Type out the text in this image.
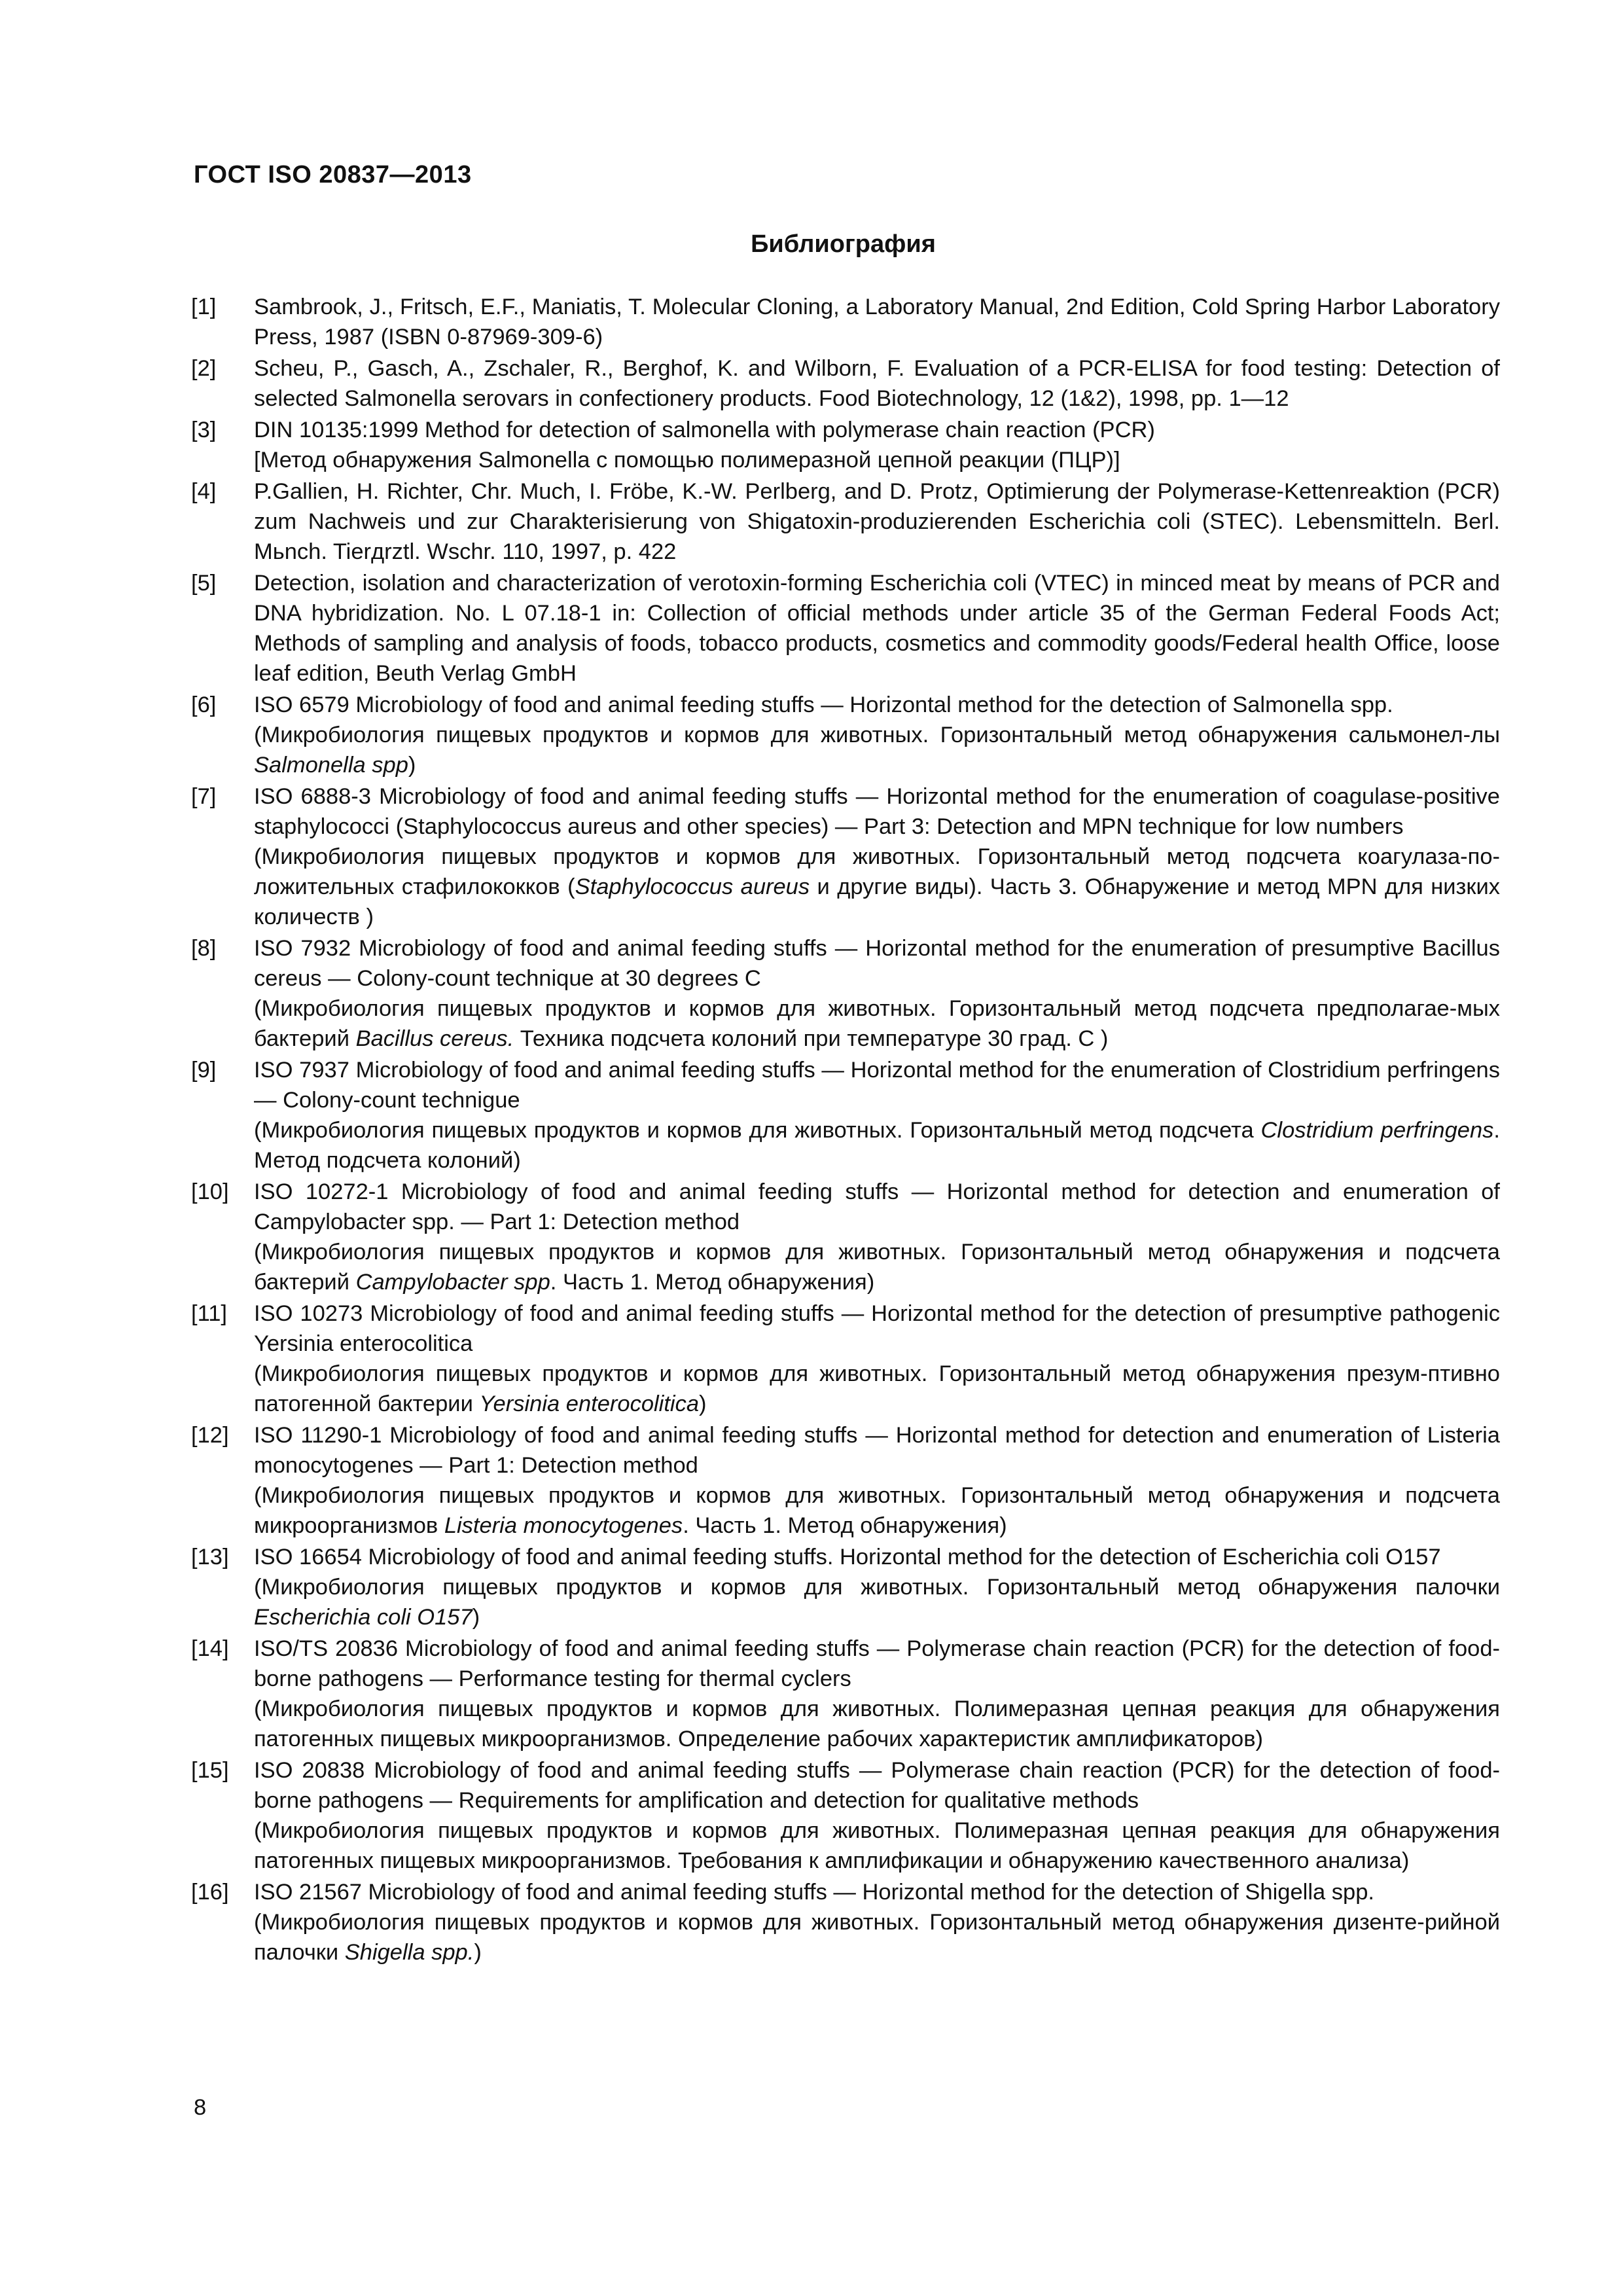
ГОСТ ISO 20837—2013
Библиография
[1]	Sambrook, J., Fritsch, E.F., Maniatis, T. Molecular Cloning, a Laboratory Manual, 2nd Edition, Cold Spring Harbor Laboratory Press, 1987 (ISBN 0-87969-309-6)
[2]	Scheu, P., Gasch, A., Zschaler, R., Berghof, K. and Wilborn, F. Evaluation of a PCR-ELISA for food testing: Detection of selected Salmonella serovars in confectionery products. Food Biotechnology, 12 (1&2), 1998, pp. 1—12
[3]	DIN 10135:1999 Method for detection of salmonella with polymerase chain reaction (PCR)
[Метод обнаружения Salmonella с помощью полимеразной цепной реакции (ПЦР)]
[4]	P.Gallien, H. Richter, Chr. Much, I. Fröbe, K.-W. Perlberg, and D. Protz, Optimierung der Polymerase-Kettenreaktion (PCR) zum Nachweis und zur Charakterisierung von Shigatoxin-produzierenden Escherichia coli (STEC). Lebensmitteln. Berl. Mьnch. Tierдrztl. Wschr. 110, 1997, p. 422
[5]	Detection, isolation and characterization of verotoxin-forming Escherichia coli (VTEC) in minced meat by means of PCR and DNA hybridization. No. L 07.18-1 in: Collection of official methods under article 35 of the German Federal Foods Act; Methods of sampling and analysis of foods, tobacco products, cosmetics and commodity goods/Federal health Office, loose leaf edition, Beuth Verlag GmbH
[6]	ISO 6579 Microbiology of food and animal feeding stuffs — Horizontal method for the detection of Salmonella spp.
(Микробиология пищевых продуктов и кормов для животных. Горизонтальный метод обнаружения сальмонел-лы Salmonella spp)
[7]	ISO 6888-3 Microbiology of food and animal feeding stuffs — Horizontal method for the enumeration of coagulase-positive staphylococci (Staphylococcus aureus and other species) — Part 3: Detection and MPN technique for low numbers
(Микробиология пищевых продуктов и кормов для животных. Горизонтальный метод подсчета коагулаза-по-ложительных стафилококков (Staphylococcus aureus и другие виды). Часть 3. Обнаружение и метод MPN для низких количеств )
[8]	ISO 7932 Microbiology of food and animal feeding stuffs — Horizontal method for the enumeration of presumptive Bacillus cereus — Colony-count technique at 30 degrees C
(Микробиология пищевых продуктов и кормов для животных. Горизонтальный метод подсчета предполагае-мых бактерий Bacillus cereus. Техника подсчета колоний при температуре 30 град. С )
[9]	ISO 7937 Microbiology of food and animal feeding stuffs — Horizontal method for the enumeration of Clostridium perfringens — Colony-count technigue
(Микробиология пищевых продуктов и кормов для животных. Горизонтальный метод подсчета Clostridium perfringens. Метод подсчета колоний)
[10]	ISO 10272-1 Microbiology of food and animal feeding stuffs — Horizontal method for detection and enumeration of Campylobacter spp. — Part 1: Detection method
(Микробиология пищевых продуктов и кормов для животных. Горизонтальный метод обнаружения и подсчета бактерий Campylobacter spp. Часть 1. Метод обнаружения)
[11]	ISO 10273 Microbiology of food and animal feeding stuffs — Horizontal method for the detection of presumptive pathogenic Yersinia enterocolitica
(Микробиология пищевых продуктов и кормов для животных. Горизонтальный метод обнаружения презум-птивно патогенной бактерии Yersinia enterocolitica)
[12]	ISO 11290-1 Microbiology of food and animal feeding stuffs — Horizontal method for detection and enumeration of Listeria monocytogenes — Part 1: Detection method
(Микробиология пищевых продуктов и кормов для животных. Горизонтальный метод обнаружения и подсчета микроорганизмов Listeria monocytogenes. Часть 1. Метод обнаружения)
[13]	ISO 16654 Microbiology of food and animal feeding stuffs. Horizontal method for the detection of Escherichia coli O157
(Микробиология пищевых продуктов и кормов для животных. Горизонтальный метод обнаружения палочки Escherichia coli O157)
[14]	ISO/TS 20836 Microbiology of food and animal feeding stuffs — Polymerase chain reaction (PCR) for the detection of food-borne pathogens — Performance testing for thermal cyclers
(Микробиология пищевых продуктов и кормов для животных. Полимеразная цепная реакция для обнаружения патогенных пищевых микроорганизмов. Определение рабочих характеристик амплификаторов)
[15]	ISO 20838 Microbiology of food and animal feeding stuffs — Polymerase chain reaction (PCR) for the detection of food-borne pathogens — Requirements for amplification and detection for qualitative methods
(Микробиология пищевых продуктов и кормов для животных. Полимеразная цепная реакция для обнаружения патогенных пищевых микроорганизмов. Требования к амплификации и обнаружению качественного анализа)
[16]	ISO 21567 Microbiology of food and animal feeding stuffs — Horizontal method for the detection of Shigella spp.
(Микробиология пищевых продуктов и кормов для животных. Горизонтальный метод обнаружения дизенте-рийной палочки Shigella spp.)
8
